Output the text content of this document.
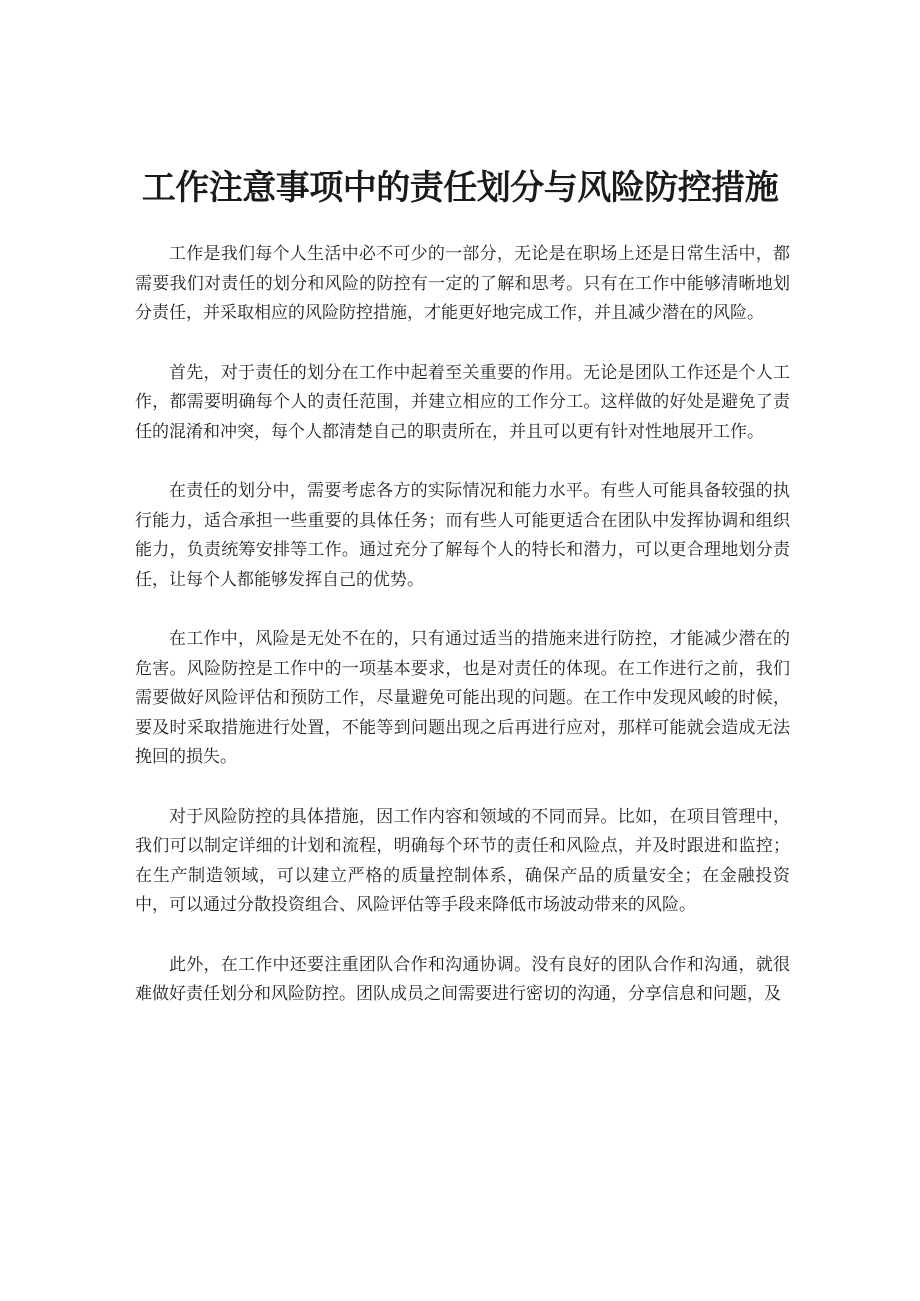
工作注意事项中的责任划分与风险防控措施

工作是我们每个人生活中必不可少的一部分，无论是在职场上还是日常生活中，都需要我们对责任的划分和风险的防控有一定的了解和思考。只有在工作中能够清晰地划分责任，并采取相应的风险防控措施，才能更好地完成工作，并且减少潜在的风险。

首先，对于责任的划分在工作中起着至关重要的作用。无论是团队工作还是个人工作，都需要明确每个人的责任范围，并建立相应的工作分工。这样做的好处是避免了责任的混淆和冲突，每个人都清楚自己的职责所在，并且可以更有针对性地展开工作。

在责任的划分中，需要考虑各方的实际情况和能力水平。有些人可能具备较强的执行能力，适合承担一些重要的具体任务；而有些人可能更适合在团队中发挥协调和组织能力，负责统筹安排等工作。通过充分了解每个人的特长和潜力，可以更合理地划分责任，让每个人都能够发挥自己的优势。

在工作中，风险是无处不在的，只有通过适当的措施来进行防控，才能减少潜在的危害。风险防控是工作中的一项基本要求，也是对责任的体现。在工作进行之前，我们需要做好风险评估和预防工作，尽量避免可能出现的问题。在工作中发现风峻的时候，要及时采取措施进行处置，不能等到问题出现之后再进行应对，那样可能就会造成无法挽回的损失。

对于风险防控的具体措施，因工作内容和领域的不同而异。比如，在项目管理中，我们可以制定详细的计划和流程，明确每个环节的责任和风险点，并及时跟进和监控；在生产制造领域，可以建立严格的质量控制体系，确保产品的质量安全；在金融投资中，可以通过分散投资组合、风险评估等手段来降低市场波动带来的风险。

此外，在工作中还要注重团队合作和沟通协调。没有良好的团队合作和沟通，就很难做好责任划分和风险防控。团队成员之间需要进行密切的沟通，分享信息和问题，及
